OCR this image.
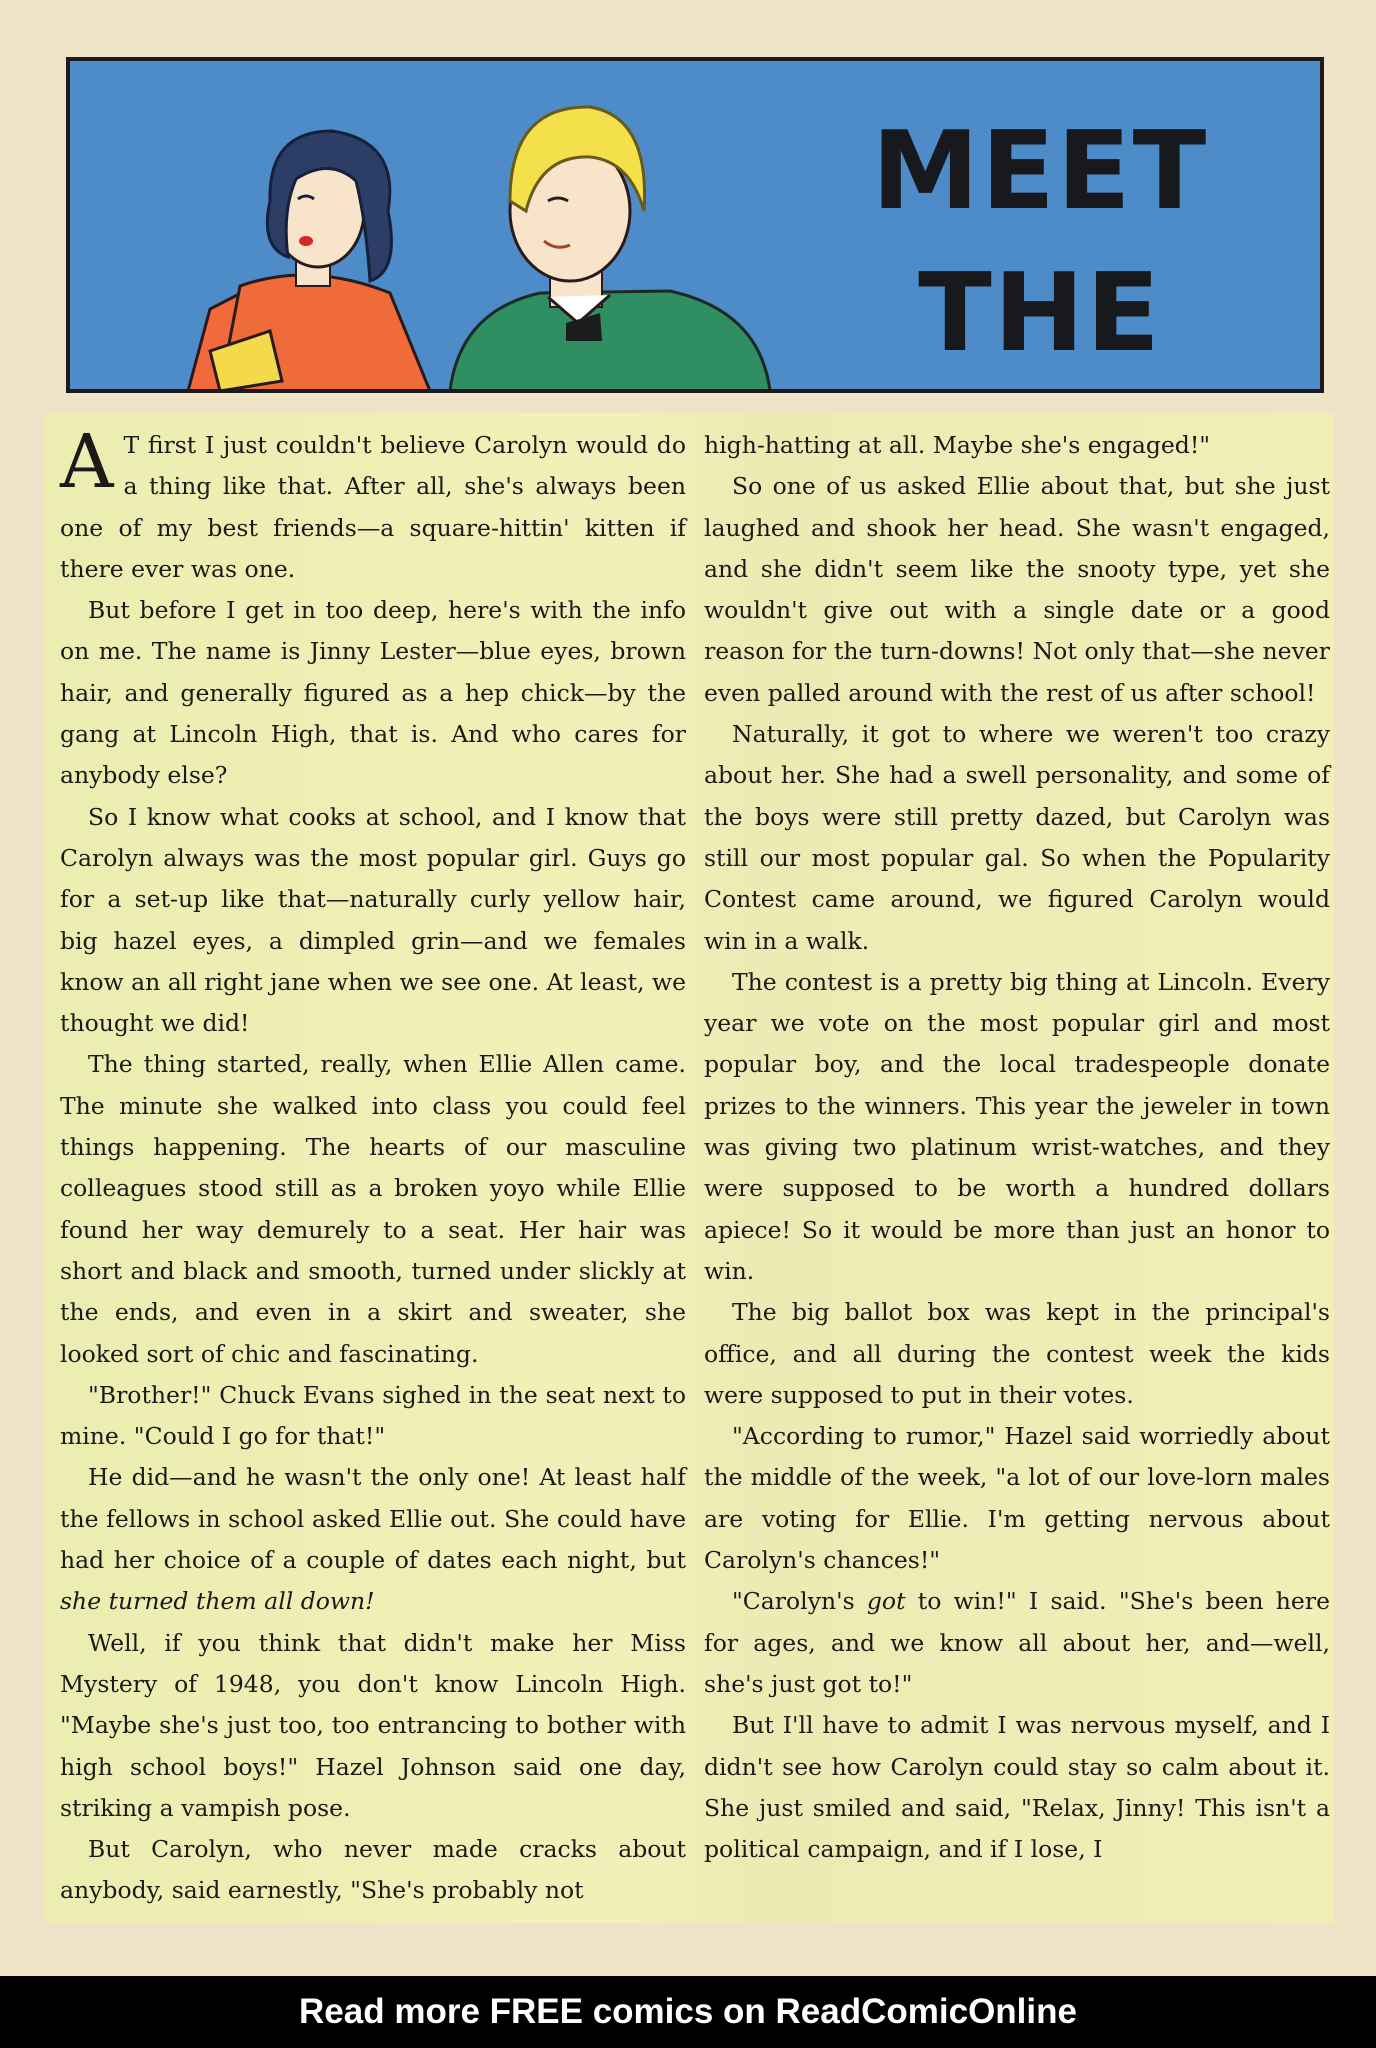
MEET THE

A T first I just couldn't believe Carolyn would do a thing like that. After all, she's always been one of my best friends—a square-hittin' kitten if there ever was one.

But before I get in too deep, here's with the info on me. The name is Jinny Lester—blue eyes, brown hair, and generally figured as a hep chick—by the gang at Lincoln High, that is. And who cares for anybody else?

So I know what cooks at school, and I know that Carolyn always was the most popular girl. Guys go for a set-up like that—naturally curly yellow hair, big hazel eyes, a dimpled grin—and we females know an all right jane when we see one. At least, we thought we did!

The thing started, really, when Ellie Allen came. The minute she walked into class you could feel things happening. The hearts of our masculine colleagues stood still as a broken yoyo while Ellie found her way demurely to a seat. Her hair was short and black and smooth, turned under slickly at the ends, and even in a skirt and sweater, she looked sort of chic and fascinating.

"Brother!" Chuck Evans sighed in the seat next to mine. "Could I go for that!"

He did—and he wasn't the only one! At least half the fellows in school asked Ellie out. She could have had her choice of a couple of dates each night, but she turned them all down!

Well, if you think that didn't make her Miss Mystery of 1948, you don't know Lincoln High. "Maybe she's just too, too entrancing to bother with high school boys!" Hazel Johnson said one day, striking a vampish pose.

But Carolyn, who never made cracks about anybody, said earnestly, "She's probably not

high-hatting at all. Maybe she's engaged!"

So one of us asked Ellie about that, but she just laughed and shook her head. She wasn't engaged, and she didn't seem like the snooty type, yet she wouldn't give out with a single date or a good reason for the turn-downs! Not only that—she never even palled around with the rest of us after school!

Naturally, it got to where we weren't too crazy about her. She had a swell personality, and some of the boys were still pretty dazed, but Carolyn was still our most popular gal. So when the Popularity Contest came around, we figured Carolyn would win in a walk.

The contest is a pretty big thing at Lincoln. Every year we vote on the most popular girl and most popular boy, and the local tradespeople donate prizes to the winners. This year the jeweler in town was giving two platinum wrist-watches, and they were supposed to be worth a hundred dollars apiece! So it would be more than just an honor to win.

The big ballot box was kept in the principal's office, and all during the contest week the kids were supposed to put in their votes.

"According to rumor," Hazel said worriedly about the middle of the week, "a lot of our love-lorn males are voting for Ellie. I'm getting nervous about Carolyn's chances!"

"Carolyn's got to win!" I said. "She's been here for ages, and we know all about her, and—well, she's just got to!"

But I'll have to admit I was nervous myself, and I didn't see how Carolyn could stay so calm about it. She just smiled and said, "Relax, Jinny! This isn't a political campaign, and if I lose, I

Read more FREE comics on ReadComicOnline
